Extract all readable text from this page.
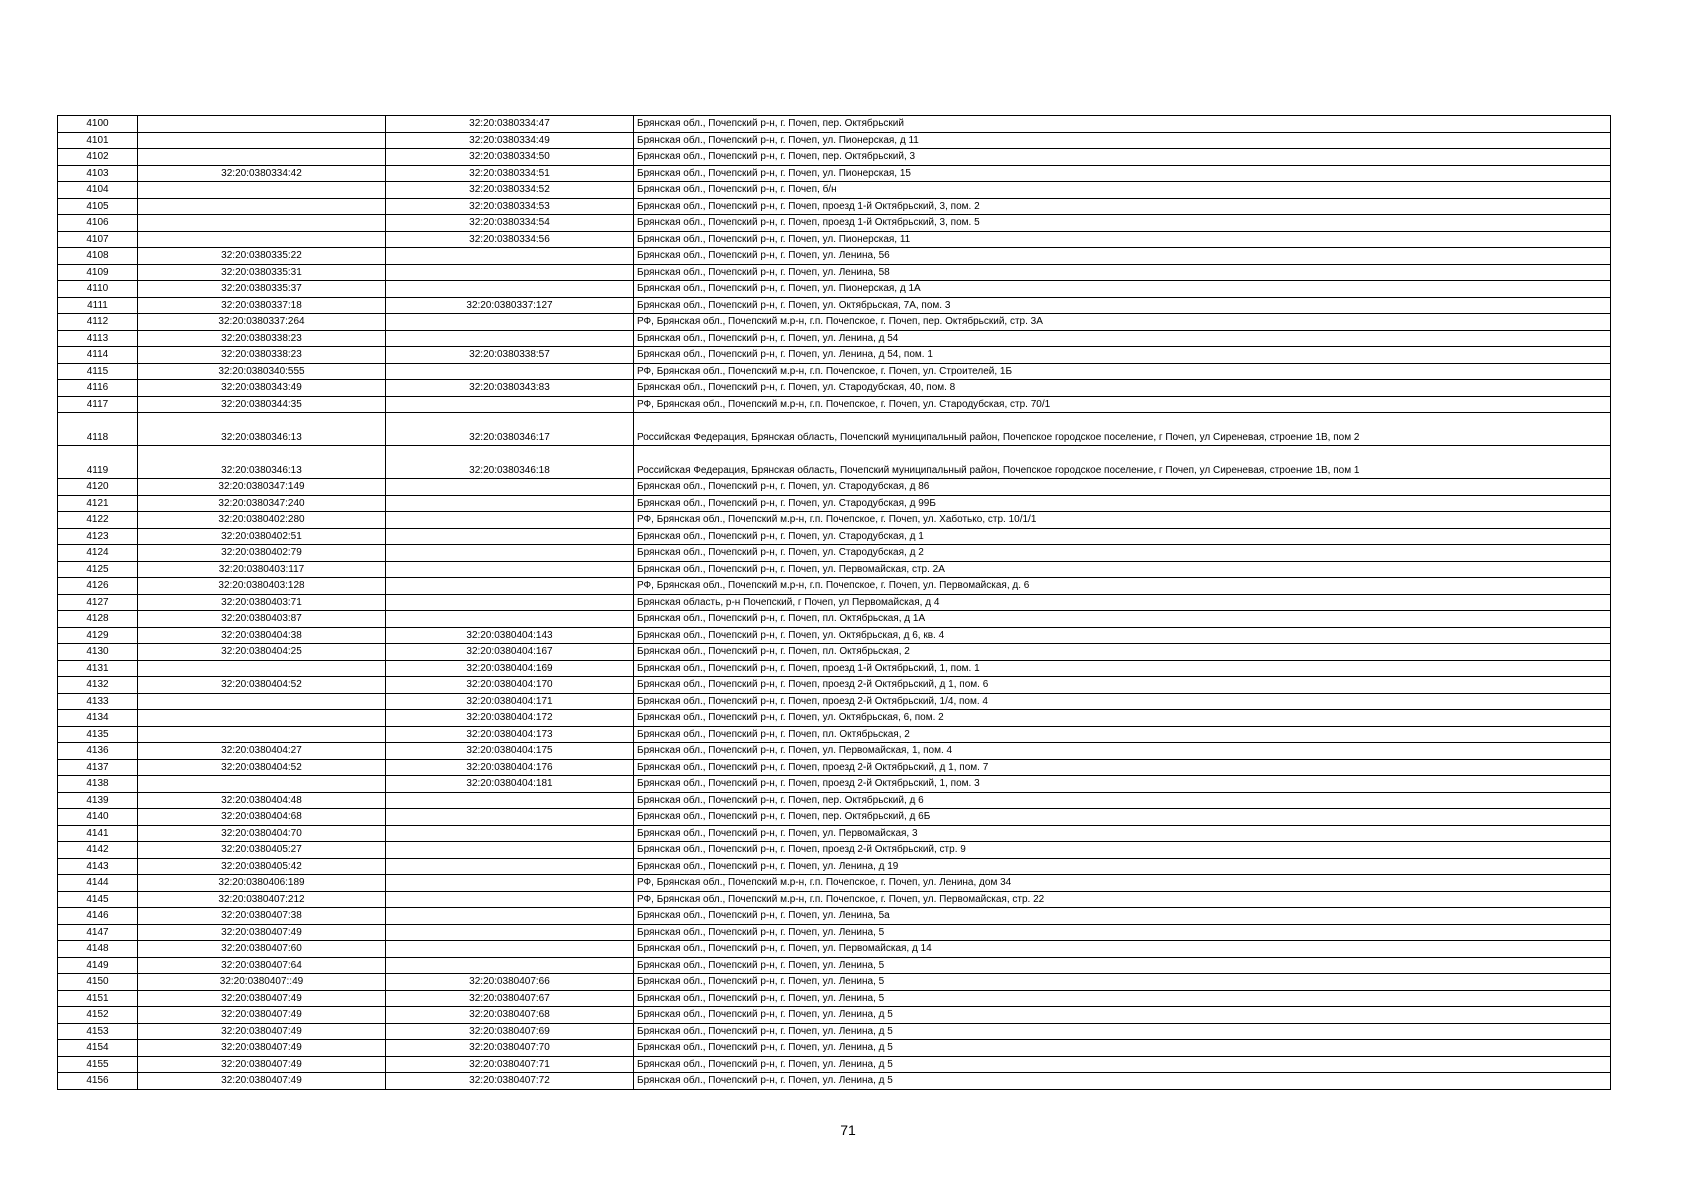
4100		32:20:0380334:47	Брянская обл., Почепский р-н, г. Почеп, пер. Октябрьский
4101		32:20:0380334:49	Брянская обл., Почепский р-н, г. Почеп, ул. Пионерская, д 11
4102		32:20:0380334:50	Брянская обл., Почепский р-н, г. Почеп, пер. Октябрьский, 3
4103	32:20:0380334:42	32:20:0380334:51	Брянская обл., Почепский р-н, г. Почеп, ул. Пионерская, 15
4104		32:20:0380334:52	Брянская обл., Почепский р-н, г. Почеп, б/н
4105		32:20:0380334:53	Брянская обл., Почепский р-н, г. Почеп, проезд 1-й Октябрьский, 3, пом. 2
4106		32:20:0380334:54	Брянская обл., Почепский р-н, г. Почеп, проезд 1-й Октябрьский, 3, пом. 5
4107		32:20:0380334:56	Брянская обл., Почепский р-н, г. Почеп, ул. Пионерская, 11
4108	32:20:0380335:22		Брянская обл., Почепский р-н, г. Почеп, ул. Ленина, 56
4109	32:20:0380335:31		Брянская обл., Почепский р-н, г. Почеп, ул. Ленина, 58
4110	32:20:0380335:37		Брянская обл., Почепский р-н, г. Почеп, ул. Пионерская, д 1А
4111	32:20:0380337:18	32:20:0380337:127	Брянская обл., Почепский р-н, г. Почеп, ул. Октябрьская, 7А, пом. 3
4112	32:20:0380337:264		РФ, Брянская обл., Почепский м.р-н, г.п. Почепское, г. Почеп, пер. Октябрьский, стр. 3А
4113	32:20:0380338:23		Брянская обл., Почепский р-н, г. Почеп, ул. Ленина, д 54
4114	32:20:0380338:23	32:20:0380338:57	Брянская обл., Почепский р-н, г. Почеп, ул. Ленина, д 54, пом. 1
4115	32:20:0380340:555		РФ, Брянская обл., Почепский м.р-н, г.п. Почепское, г. Почеп, ул. Строителей, 1Б
4116	32:20:0380343:49	32:20:0380343:83	Брянская обл., Почепский р-н, г. Почеп, ул. Стародубская, 40, пом. 8
4117	32:20:0380344:35		РФ, Брянская обл., Почепский м.р-н, г.п. Почепское, г. Почеп, ул. Стародубская, стр. 70/1
4118	32:20:0380346:13	32:20:0380346:17	Российская Федерация, Брянская область, Почепский муниципальный район, Почепское городское поселение, г Почеп, ул Сиреневая, строение 1В, пом 2
4119	32:20:0380346:13	32:20:0380346:18	Российская Федерация, Брянская область, Почепский муниципальный район, Почепское городское поселение, г Почеп, ул Сиреневая, строение 1В, пом 1
4120	32:20:0380347:149		Брянская обл., Почепский р-н, г. Почеп, ул. Стародубская, д 86
4121	32:20:0380347:240		Брянская обл., Почепский р-н, г. Почеп, ул. Стародубская, д 99Б
4122	32:20:0380402:280		РФ, Брянская обл., Почепский м.р-н, г.п. Почепское, г. Почеп, ул. Хаботько, стр. 10/1/1
4123	32:20:0380402:51		Брянская обл., Почепский р-н, г. Почеп, ул. Стародубская, д 1
4124	32:20:0380402:79		Брянская обл., Почепский р-н, г. Почеп, ул. Стародубская, д 2
4125	32:20:0380403:117		Брянская обл., Почепский р-н, г. Почеп, ул. Первомайская, стр. 2А
4126	32:20:0380403:128		РФ, Брянская обл., Почепский м.р-н, г.п. Почепское, г. Почеп, ул. Первомайская, д. 6
4127	32:20:0380403:71		Брянская область, р-н Почепский, г Почеп, ул Первомайская, д 4
4128	32:20:0380403:87		Брянская обл., Почепский р-н, г. Почеп, пл. Октябрьская, д 1А
4129	32:20:0380404:38	32:20:0380404:143	Брянская обл., Почепский р-н, г. Почеп, ул. Октябрьская, д 6, кв. 4
4130	32:20:0380404:25	32:20:0380404:167	Брянская обл., Почепский р-н, г. Почеп, пл. Октябрьская, 2
4131		32:20:0380404:169	Брянская обл., Почепский р-н, г. Почеп, проезд 1-й Октябрьский, 1, пом. 1
4132	32:20:0380404:52	32:20:0380404:170	Брянская обл., Почепский р-н, г. Почеп, проезд 2-й Октябрьский, д 1, пом. 6
4133		32:20:0380404:171	Брянская обл., Почепский р-н, г. Почеп, проезд 2-й Октябрьский, 1/4, пом. 4
4134		32:20:0380404:172	Брянская обл., Почепский р-н, г. Почеп, ул. Октябрьская, 6, пом. 2
4135		32:20:0380404:173	Брянская обл., Почепский р-н, г. Почеп, пл. Октябрьская, 2
4136	32:20:0380404:27	32:20:0380404:175	Брянская обл., Почепский р-н, г. Почеп, ул. Первомайская, 1, пом. 4
4137	32:20:0380404:52	32:20:0380404:176	Брянская обл., Почепский р-н, г. Почеп, проезд 2-й Октябрьский, д 1, пом. 7
4138		32:20:0380404:181	Брянская обл., Почепский р-н, г. Почеп, проезд 2-й Октябрьский, 1, пом. 3
4139	32:20:0380404:48		Брянская обл., Почепский р-н, г. Почеп, пер. Октябрьский, д 6
4140	32:20:0380404:68		Брянская обл., Почепский р-н, г. Почеп, пер. Октябрьский, д 6Б
4141	32:20:0380404:70		Брянская обл., Почепский р-н, г. Почеп, ул. Первомайская, 3
4142	32:20:0380405:27		Брянская обл., Почепский р-н, г. Почеп, проезд 2-й Октябрьский, стр. 9
4143	32:20:0380405:42		Брянская обл., Почепский р-н, г. Почеп, ул. Ленина, д 19
4144	32:20:0380406:189		РФ, Брянская обл., Почепский м.р-н, г.п. Почепское, г. Почеп, ул. Ленина, дом 34
4145	32:20:0380407:212		РФ, Брянская обл., Почепский м.р-н, г.п. Почепское, г. Почеп, ул. Первомайская, стр. 22
4146	32:20:0380407:38		Брянская обл., Почепский р-н, г. Почеп, ул. Ленина, 5а
4147	32:20:0380407:49		Брянская обл., Почепский р-н, г. Почеп, ул. Ленина, 5
4148	32:20:0380407:60		Брянская обл., Почепский р-н, г. Почеп, ул. Первомайская, д 14
4149	32:20:0380407:64		Брянская обл., Почепский р-н, г. Почеп, ул. Ленина, 5
4150	32:20:0380407::49	32:20:0380407:66	Брянская обл., Почепский р-н, г. Почеп, ул. Ленина, 5
4151	32:20:0380407:49	32:20:0380407:67	Брянская обл., Почепский р-н, г. Почеп, ул. Ленина, 5
4152	32:20:0380407:49	32:20:0380407:68	Брянская обл., Почепский р-н, г. Почеп, ул. Ленина, д 5
4153	32:20:0380407:49	32:20:0380407:69	Брянская обл., Почепский р-н, г. Почеп, ул. Ленина, д 5
4154	32:20:0380407:49	32:20:0380407:70	Брянская обл., Почепский р-н, г. Почеп, ул. Ленина, д 5
4155	32:20:0380407:49	32:20:0380407:71	Брянская обл., Почепский р-н, г. Почеп, ул. Ленина, д 5
4156	32:20:0380407:49	32:20:0380407:72	Брянская обл., Почепский р-н, г. Почеп, ул. Ленина, д 5
71
